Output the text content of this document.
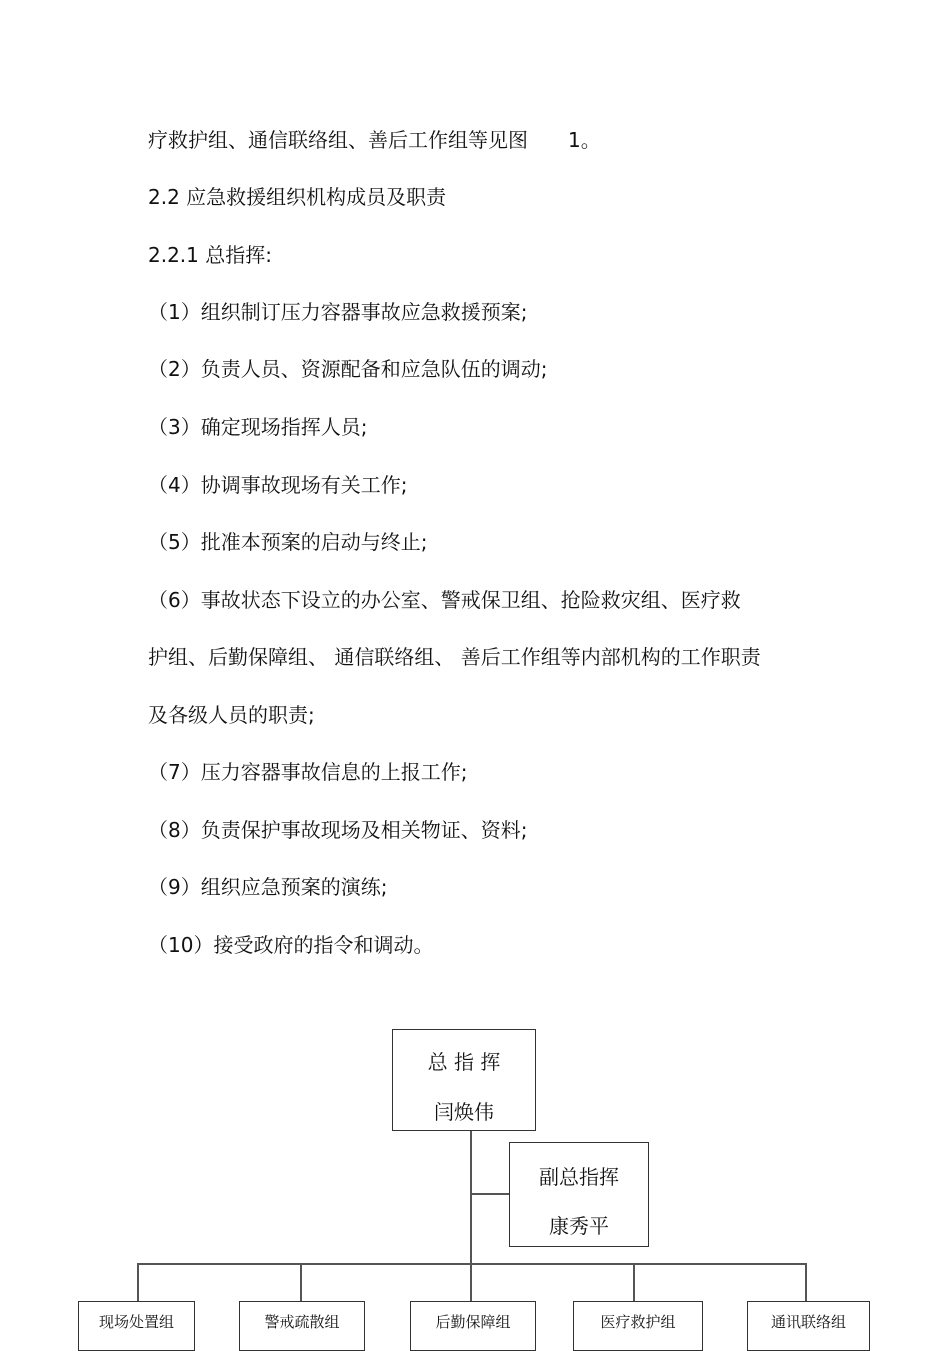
疗救护组、通信联络组、善后工作组等见图 1。
2.2 应急救援组织机构成员及职责
2.2.1 总指挥:
（1）组织制订压力容器事故应急救援预案;
（2）负责人员、资源配备和应急队伍的调动;
（3）确定现场指挥人员;
（4）协调事故现场有关工作;
（5）批准本预案的启动与终止;
（6）事故状态下设立的办公室、警戒保卫组、抢险救灾组、医疗救
护组、后勤保障组、 通信联络组、 善后工作组等内部机构的工作职责
及各级人员的职责;
（7）压力容器事故信息的上报工作;
（8）负责保护事故现场及相关物证、资料;
（9）组织应急预案的演练;
（10）接受政府的指令和调动。
总 指 挥
闫焕伟
副总指挥
康秀平
现场处置组	警戒疏散组	后勤保障组	医疗救护组	通讯联络组
